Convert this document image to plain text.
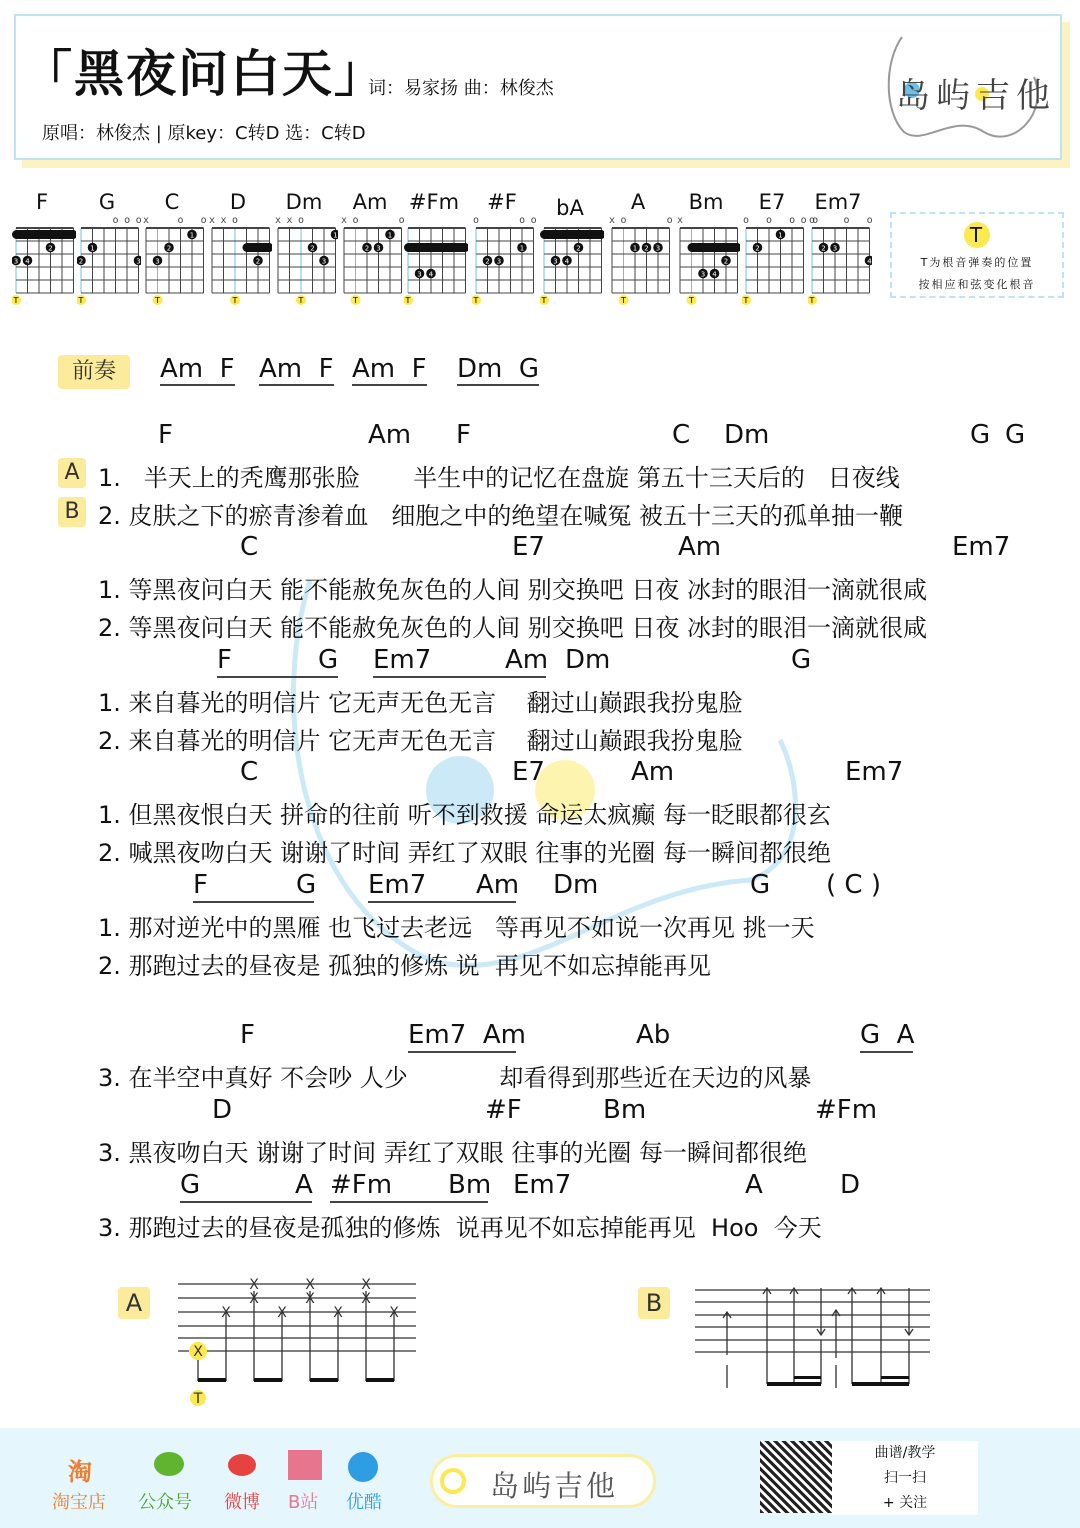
「黑夜问白天」
词：易家扬 曲：林俊杰
原唱：林俊杰 | 原key：C转D 选：C转D
岛屿吉他
F

3 4
2
T
G
ooo
1
2	3
T
C
x  o o
1
2
3
T
D
xxo
2
T
Dm
xxo
1
2
3
T
Am
xo   o
1
2 3
T
#Fm

3 4
T
#F
o   oo
1
2 3
T
bA

2
3 4
T
A
xo   o
1 2 3
T
Bm
x
2
3 4
T
E7
o o ooo
1
2
T
Em7
o  o o
2 3
4
T
T
T为根音弹奏的位置
按相应和弦变化根音
前奏	Am  F Am  F Am  F Dm  G
A
B
F	Am F	C Dm	G G
1.   半天上的秃鹰那张脸       半生中的记忆在盘旋 第五十三天后的   日夜线
2. 皮肤之下的瘀青渗着血   细胞之中的绝望在喊冤 被五十三天的孤单抽一鞭
C	E7	Am	Em7
1. 等黑夜问白天 能不能赦免灰色的人间 别交换吧 日夜 冰封的眼泪一滴就很咸
2. 等黑夜问白天 能不能赦免灰色的人间 别交换吧 日夜 冰封的眼泪一滴就很咸
F	G Em7	Am Dm	G
1. 来自暮光的明信片 它无声无色无言    翻过山巅跟我扮鬼脸
2. 来自暮光的明信片 它无声无色无言    翻过山巅跟我扮鬼脸
C	E7	Am	Em7
1. 但黑夜恨白天 拼命的往前 听不到救援 命运太疯癫 每一眨眼都很玄
2. 喊黑夜吻白天 谢谢了时间 弄红了双眼 往事的光圈 每一瞬间都很绝
F	G Em7 Am Dm	G ( C )
1. 那对逆光中的黑雁 也飞过去老远   等再见不如说一次再见 挑一天
2. 那跑过去的昼夜是 孤独的修炼 说  再见不如忘掉能再见
F	Em7  Am	Ab	G  A
3. 在半空中真好 不会吵 人少            却看得到那些近在天边的风暴
D	#F	Bm	#Fm
3. 黑夜吻白天 谢谢了时间 弄红了双眼 往事的光圈 每一瞬间都很绝
G	A #Fm Bm Em7	A	D
3. 那跑过去的昼夜是孤独的修炼  说再见不如忘掉能再见  Hoo  今天
A
X
X
X
X
X
X
X
X
X
X
X
T
B
淘
淘宝店 公众号 微博 B站 优酷	岛屿吉他
曲谱/教学
扫一扫
+ 关注
